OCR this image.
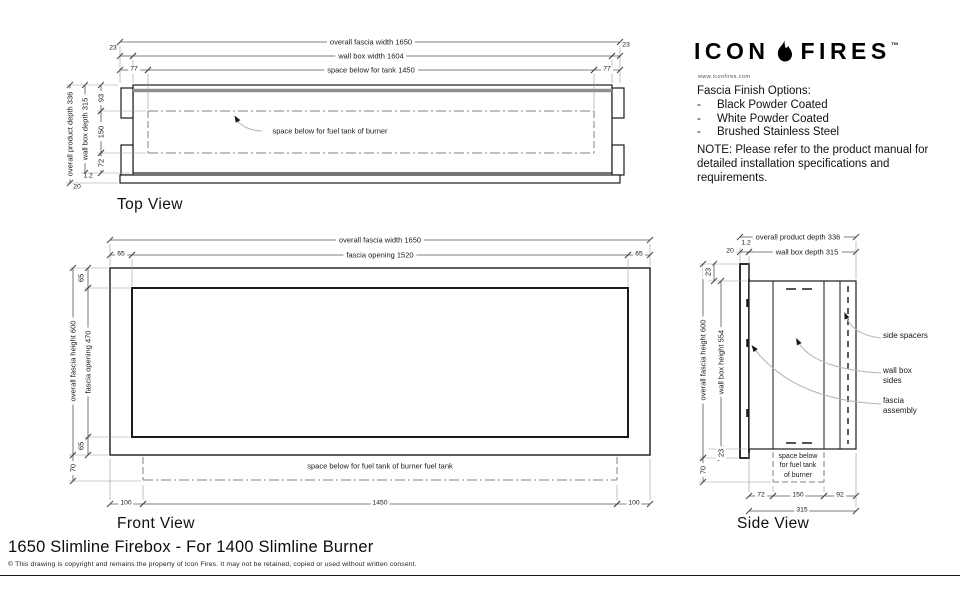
overall fascia width 1650
wall box width 1604
space below for tank 1450
23	23
77	77
overall product depth 336 wall box depth 315 93
150
72
1.2
20
space below for fuel tank of burner
Top View
overall fascia width 1650
fascia opening 1520
65	65
overall fascia height 600 fascia opening 470
65
65
70	space below for fuel tank of burner fuel tank
100	1450	100
Front View
overall product depth 336
wall box depth 315
20
1.2
23
overall fascia height 600 wall box height 554
23
70
space below
for fuel tank
of burner
72	150	92
315
side spacers
wall box sides
fascia assembly
Side View
ICON FIRES ™
www.iconfires.com
Fascia Finish Options:
-	Black Powder Coated
-	White Powder Coated
-	Brushed Stainless Steel
NOTE: Please refer to the product manual for detailed installation specifications and requirements.
1650 Slimline Firebox - For 1400 Slimline Burner
© This drawing is copyright and remains the property of Icon Fires. It may not be retained, copied or used without written consent.
